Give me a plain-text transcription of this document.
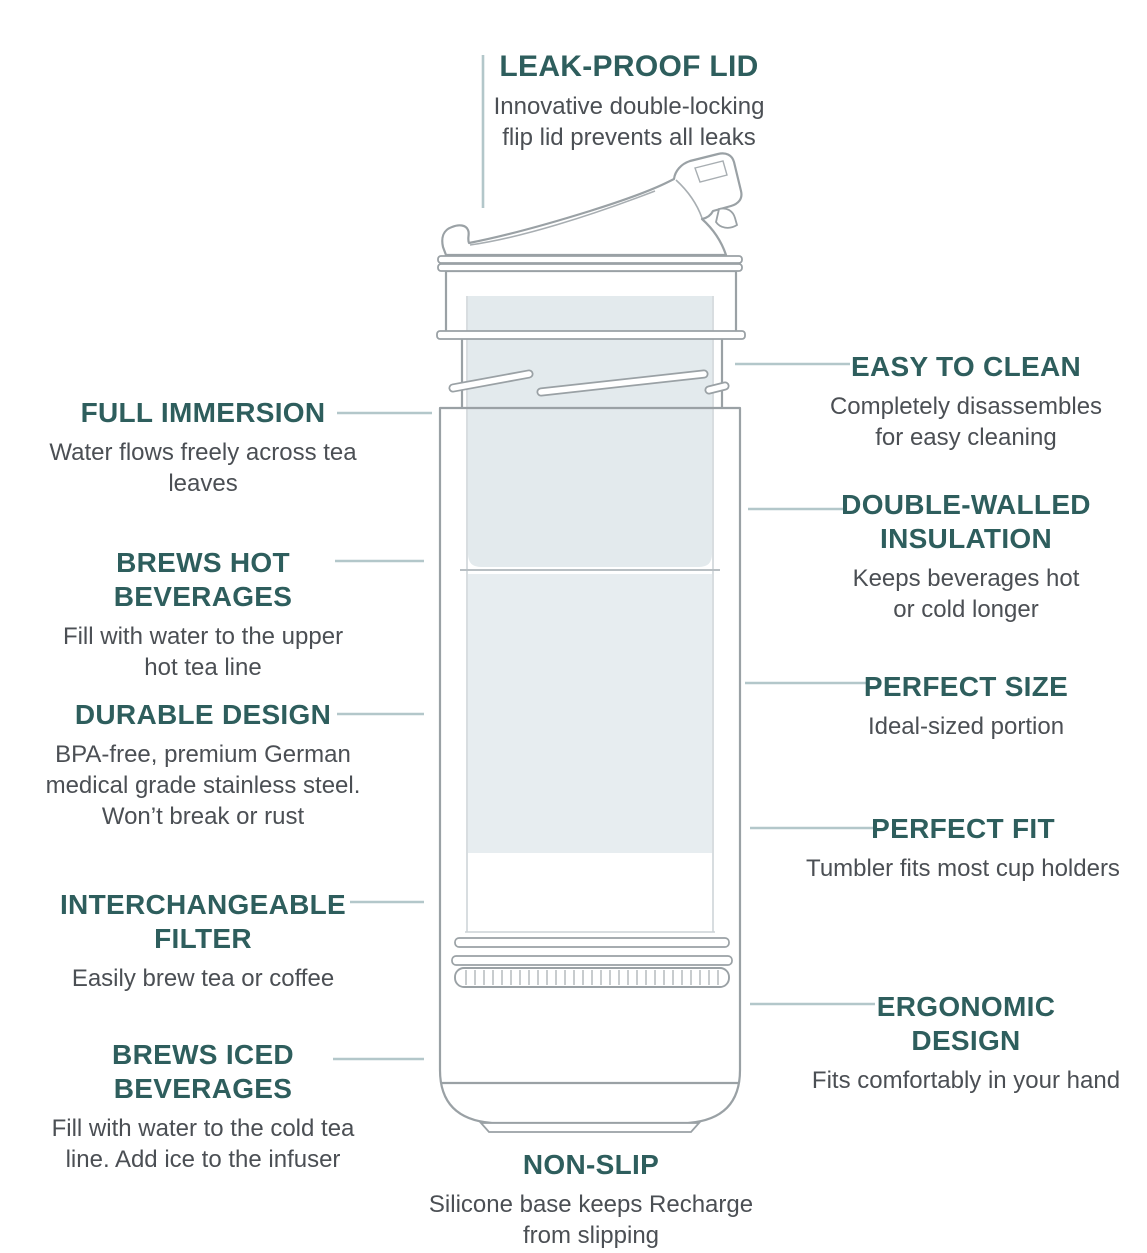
LEAK-PROOF LID

Innovative double-locking flip lid prevents all leaks

FULL IMMERSION

Water flows freely across tea leaves

BREWS HOT BEVERAGES

Fill with water to the upper hot tea line

DURABLE DESIGN

BPA-free, premium German medical grade stainless steel. Won’t break or rust

INTERCHANGEABLE FILTER

Easily brew tea or coffee

BREWS ICED BEVERAGES

Fill with water to the cold tea line. Add ice to the infuser

EASY TO CLEAN

Completely disassembles for easy cleaning

DOUBLE-WALLED INSULATION

Keeps beverages hot or cold longer

PERFECT SIZE

Ideal-sized portion

PERFECT FIT

Tumbler fits most cup holders

ERGONOMIC DESIGN

Fits comfortably in your hand

NON-SLIP

Silicone base keeps Recharge from slipping
